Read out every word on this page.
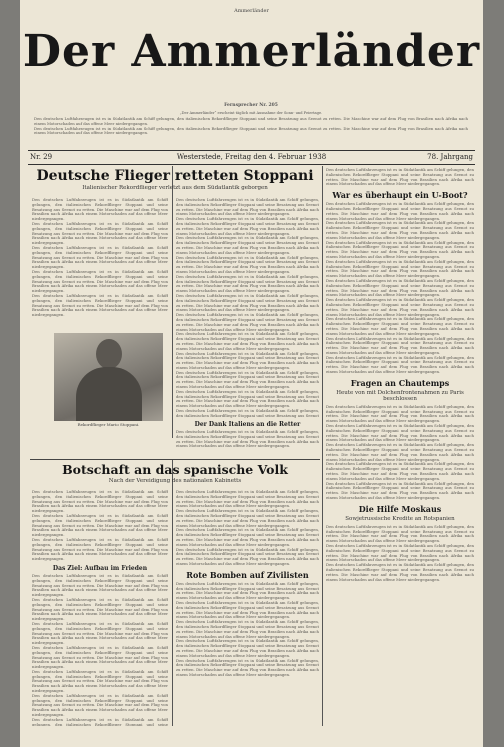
Ammerländer
Der Ammerländer
Fernsprecher Nr. 205
„Der Ammerländer“ erscheint täglich mit Ausnahme der Sonn- und Feiertage.

Den deutschen Luftfahrzeugen ist es in Südatlantik am Schiff gelungen, den italienischen Rekordflieger Stoppani und seine Besatzung aus Seenot zu retten. Die Maschine war auf dem Flug von Brasilien nach Afrika nach einem Motorschaden auf das offene Meer niedergegangen.

Den deutschen Luftfahrzeugen ist es in Südatlantik am Schiff gelungen, den italienischen Rekordflieger Stoppani und seine Besatzung aus Seenot zu retten. Die Maschine war auf dem Flug von Brasilien nach Afrika nach einem Motorschaden auf das offene Meer niedergegangen.

Nr. 29	Westerstede, Freitag den 4. Februar 1938	78. Jahrgang
Deutsche Flieger retteten Stoppani
Italienischer Rekordflieger verletzt aus dem Südatlantik geborgen

Den deutschen Luftfahrzeugen ist es in Südatlantik am Schiff gelungen, den italienischen Rekordflieger Stoppani und seine Besatzung aus Seenot zu retten. Die Maschine war auf dem Flug von Brasilien nach Afrika nach einem Motorschaden auf das offene Meer niedergegangen.

Den deutschen Luftfahrzeugen ist es in Südatlantik am Schiff gelungen, den italienischen Rekordflieger Stoppani und seine Besatzung aus Seenot zu retten. Die Maschine war auf dem Flug von Brasilien nach Afrika nach einem Motorschaden auf das offene Meer niedergegangen.

Den deutschen Luftfahrzeugen ist es in Südatlantik am Schiff gelungen, den italienischen Rekordflieger Stoppani und seine Besatzung aus Seenot zu retten. Die Maschine war auf dem Flug von Brasilien nach Afrika nach einem Motorschaden auf das offene Meer niedergegangen.

Den deutschen Luftfahrzeugen ist es in Südatlantik am Schiff gelungen, den italienischen Rekordflieger Stoppani und seine Besatzung aus Seenot zu retten. Die Maschine war auf dem Flug von Brasilien nach Afrika nach einem Motorschaden auf das offene Meer niedergegangen.

Den deutschen Luftfahrzeugen ist es in Südatlantik am Schiff gelungen, den italienischen Rekordflieger Stoppani und seine Besatzung aus Seenot zu retten. Die Maschine war auf dem Flug von Brasilien nach Afrika nach einem Motorschaden auf das offene Meer niedergegangen.

Rekordflieger Mario Stoppani.

Den deutschen Luftfahrzeugen ist es in Südatlantik am Schiff gelungen, den italienischen Rekordflieger Stoppani und seine Besatzung aus Seenot zu retten. Die Maschine war auf dem Flug von Brasilien nach Afrika nach einem Motorschaden auf das offene Meer niedergegangen.

Den deutschen Luftfahrzeugen ist es in Südatlantik am Schiff gelungen, den italienischen Rekordflieger Stoppani und seine Besatzung aus Seenot zu retten. Die Maschine war auf dem Flug von Brasilien nach Afrika nach einem Motorschaden auf das offene Meer niedergegangen.

Den deutschen Luftfahrzeugen ist es in Südatlantik am Schiff gelungen, den italienischen Rekordflieger Stoppani und seine Besatzung aus Seenot zu retten. Die Maschine war auf dem Flug von Brasilien nach Afrika nach einem Motorschaden auf das offene Meer niedergegangen.

Den deutschen Luftfahrzeugen ist es in Südatlantik am Schiff gelungen, den italienischen Rekordflieger Stoppani und seine Besatzung aus Seenot zu retten. Die Maschine war auf dem Flug von Brasilien nach Afrika nach einem Motorschaden auf das offene Meer niedergegangen.

Den deutschen Luftfahrzeugen ist es in Südatlantik am Schiff gelungen, den italienischen Rekordflieger Stoppani und seine Besatzung aus Seenot zu retten. Die Maschine war auf dem Flug von Brasilien nach Afrika nach einem Motorschaden auf das offene Meer niedergegangen.

Den deutschen Luftfahrzeugen ist es in Südatlantik am Schiff gelungen, den italienischen Rekordflieger Stoppani und seine Besatzung aus Seenot zu retten. Die Maschine war auf dem Flug von Brasilien nach Afrika nach einem Motorschaden auf das offene Meer niedergegangen.

Den deutschen Luftfahrzeugen ist es in Südatlantik am Schiff gelungen, den italienischen Rekordflieger Stoppani und seine Besatzung aus Seenot zu retten. Die Maschine war auf dem Flug von Brasilien nach Afrika nach einem Motorschaden auf das offene Meer niedergegangen.

Den deutschen Luftfahrzeugen ist es in Südatlantik am Schiff gelungen, den italienischen Rekordflieger Stoppani und seine Besatzung aus Seenot zu retten. Die Maschine war auf dem Flug von Brasilien nach Afrika nach einem Motorschaden auf das offene Meer niedergegangen.

Den deutschen Luftfahrzeugen ist es in Südatlantik am Schiff gelungen, den italienischen Rekordflieger Stoppani und seine Besatzung aus Seenot zu retten. Die Maschine war auf dem Flug von Brasilien nach Afrika nach einem Motorschaden auf das offene Meer niedergegangen.

Den deutschen Luftfahrzeugen ist es in Südatlantik am Schiff gelungen, den italienischen Rekordflieger Stoppani und seine Besatzung aus Seenot zu retten. Die Maschine war auf dem Flug von Brasilien nach Afrika nach einem Motorschaden auf das offene Meer niedergegangen.

Den deutschen Luftfahrzeugen ist es in Südatlantik am Schiff gelungen, den italienischen Rekordflieger Stoppani und seine Besatzung aus Seenot zu retten. Die Maschine war auf dem Flug von Brasilien nach Afrika nach einem Motorschaden auf das offene Meer niedergegangen.

Den deutschen Luftfahrzeugen ist es in Südatlantik am Schiff gelungen, den italienischen Rekordflieger Stoppani und seine Besatzung aus Seenot

Der Dank Italiens an die Retter

Den deutschen Luftfahrzeugen ist es in Südatlantik am Schiff gelungen, den italienischen Rekordflieger Stoppani und seine Besatzung aus Seenot zu retten. Die Maschine war auf dem Flug von Brasilien nach Afrika nach einem Motorschaden auf das offene Meer niedergegangen.

Botschaft an das spanische Volk
Nach der Vereidigung des nationalen Kabinetts

Den deutschen Luftfahrzeugen ist es in Südatlantik am Schiff gelungen, den italienischen Rekordflieger Stoppani und seine Besatzung aus Seenot zu retten. Die Maschine war auf dem Flug von Brasilien nach Afrika nach einem Motorschaden auf das offene Meer niedergegangen.

Den deutschen Luftfahrzeugen ist es in Südatlantik am Schiff gelungen, den italienischen Rekordflieger Stoppani und seine Besatzung aus Seenot zu retten. Die Maschine war auf dem Flug von Brasilien nach Afrika nach einem Motorschaden auf das offene Meer niedergegangen.

Den deutschen Luftfahrzeugen ist es in Südatlantik am Schiff gelungen, den italienischen Rekordflieger Stoppani und seine Besatzung aus Seenot zu retten. Die Maschine war auf dem Flug von Brasilien nach Afrika nach einem Motorschaden auf das offene Meer niedergegangen.

Das Ziel: Aufbau im Frieden

Den deutschen Luftfahrzeugen ist es in Südatlantik am Schiff gelungen, den italienischen Rekordflieger Stoppani und seine Besatzung aus Seenot zu retten. Die Maschine war auf dem Flug von Brasilien nach Afrika nach einem Motorschaden auf das offene Meer niedergegangen.

Den deutschen Luftfahrzeugen ist es in Südatlantik am Schiff gelungen, den italienischen Rekordflieger Stoppani und seine Besatzung aus Seenot zu retten. Die Maschine war auf dem Flug von Brasilien nach Afrika nach einem Motorschaden auf das offene Meer niedergegangen.

Den deutschen Luftfahrzeugen ist es in Südatlantik am Schiff gelungen, den italienischen Rekordflieger Stoppani und seine Besatzung aus Seenot zu retten. Die Maschine war auf dem Flug von Brasilien nach Afrika nach einem Motorschaden auf das offene Meer niedergegangen.

Den deutschen Luftfahrzeugen ist es in Südatlantik am Schiff gelungen, den italienischen Rekordflieger Stoppani und seine Besatzung aus Seenot zu retten. Die Maschine war auf dem Flug von Brasilien nach Afrika nach einem Motorschaden auf das offene Meer niedergegangen.

Den deutschen Luftfahrzeugen ist es in Südatlantik am Schiff gelungen, den italienischen Rekordflieger Stoppani und seine Besatzung aus Seenot zu retten. Die Maschine war auf dem Flug von Brasilien nach Afrika nach einem Motorschaden auf das offene Meer niedergegangen.

Den deutschen Luftfahrzeugen ist es in Südatlantik am Schiff gelungen, den italienischen Rekordflieger Stoppani und seine Besatzung aus Seenot zu retten. Die Maschine war auf dem Flug von Brasilien nach Afrika nach einem Motorschaden auf das offene Meer niedergegangen.

Den deutschen Luftfahrzeugen ist es in Südatlantik am Schiff gelungen, den italienischen Rekordflieger Stoppani und seine

Den deutschen Luftfahrzeugen ist es in Südatlantik am Schiff gelungen, den italienischen Rekordflieger Stoppani und seine Besatzung aus Seenot zu retten. Die Maschine war auf dem Flug von Brasilien nach Afrika nach einem Motorschaden auf das offene Meer niedergegangen.

Den deutschen Luftfahrzeugen ist es in Südatlantik am Schiff gelungen, den italienischen Rekordflieger Stoppani und seine Besatzung aus Seenot zu retten. Die Maschine war auf dem Flug von Brasilien nach Afrika nach einem Motorschaden auf das offene Meer niedergegangen.

Den deutschen Luftfahrzeugen ist es in Südatlantik am Schiff gelungen, den italienischen Rekordflieger Stoppani und seine Besatzung aus Seenot zu retten. Die Maschine war auf dem Flug von Brasilien nach Afrika nach einem Motorschaden auf das offene Meer niedergegangen.

Den deutschen Luftfahrzeugen ist es in Südatlantik am Schiff gelungen, den italienischen Rekordflieger Stoppani und seine Besatzung aus Seenot zu retten. Die Maschine war auf dem Flug von Brasilien nach Afrika nach einem Motorschaden auf das offene Meer niedergegangen.

Rote Bomben auf Zivilisten

Den deutschen Luftfahrzeugen ist es in Südatlantik am Schiff gelungen, den italienischen Rekordflieger Stoppani und seine Besatzung aus Seenot zu retten. Die Maschine war auf dem Flug von Brasilien nach Afrika nach einem Motorschaden auf das offene Meer niedergegangen.

Den deutschen Luftfahrzeugen ist es in Südatlantik am Schiff gelungen, den italienischen Rekordflieger Stoppani und seine Besatzung aus Seenot zu retten. Die Maschine war auf dem Flug von Brasilien nach Afrika nach einem Motorschaden auf das offene Meer niedergegangen.

Den deutschen Luftfahrzeugen ist es in Südatlantik am Schiff gelungen, den italienischen Rekordflieger Stoppani und seine Besatzung aus Seenot zu retten. Die Maschine war auf dem Flug von Brasilien nach Afrika nach einem Motorschaden auf das offene Meer niedergegangen.

Den deutschen Luftfahrzeugen ist es in Südatlantik am Schiff gelungen, den italienischen Rekordflieger Stoppani und seine Besatzung aus Seenot zu retten. Die Maschine war auf dem Flug von Brasilien nach Afrika nach einem Motorschaden auf das offene Meer niedergegangen.

Den deutschen Luftfahrzeugen ist es in Südatlantik am Schiff gelungen, den italienischen Rekordflieger Stoppani und seine Besatzung aus Seenot zu retten. Die Maschine war auf dem Flug von Brasilien nach Afrika nach einem Motorschaden auf das offene Meer niedergegangen.

Den deutschen Luftfahrzeugen ist es in Südatlantik am Schiff gelungen, den italienischen Rekordflieger Stoppani und seine Besatzung aus Seenot zu retten. Die Maschine war auf dem Flug von Brasilien nach Afrika nach einem Motorschaden auf das offene Meer niedergegangen.

War es überhaupt ein U-Boot?

Den deutschen Luftfahrzeugen ist es in Südatlantik am Schiff gelungen, den italienischen Rekordflieger Stoppani und seine Besatzung aus Seenot zu retten. Die Maschine war auf dem Flug von Brasilien nach Afrika nach einem Motorschaden auf das offene Meer niedergegangen.

Den deutschen Luftfahrzeugen ist es in Südatlantik am Schiff gelungen, den italienischen Rekordflieger Stoppani und seine Besatzung aus Seenot zu retten. Die Maschine war auf dem Flug von Brasilien nach Afrika nach einem Motorschaden auf das offene Meer niedergegangen.

Den deutschen Luftfahrzeugen ist es in Südatlantik am Schiff gelungen, den italienischen Rekordflieger Stoppani und seine Besatzung aus Seenot zu retten. Die Maschine war auf dem Flug von Brasilien nach Afrika nach einem Motorschaden auf das offene Meer niedergegangen.

Den deutschen Luftfahrzeugen ist es in Südatlantik am Schiff gelungen, den italienischen Rekordflieger Stoppani und seine Besatzung aus Seenot zu retten. Die Maschine war auf dem Flug von Brasilien nach Afrika nach einem Motorschaden auf das offene Meer niedergegangen.

Den deutschen Luftfahrzeugen ist es in Südatlantik am Schiff gelungen, den italienischen Rekordflieger Stoppani und seine Besatzung aus Seenot zu retten. Die Maschine war auf dem Flug von Brasilien nach Afrika nach einem Motorschaden auf das offene Meer niedergegangen.

Den deutschen Luftfahrzeugen ist es in Südatlantik am Schiff gelungen, den italienischen Rekordflieger Stoppani und seine Besatzung aus Seenot zu retten. Die Maschine war auf dem Flug von Brasilien nach Afrika nach einem Motorschaden auf das offene Meer niedergegangen.

Den deutschen Luftfahrzeugen ist es in Südatlantik am Schiff gelungen, den italienischen Rekordflieger Stoppani und seine Besatzung aus Seenot zu retten. Die Maschine war auf dem Flug von Brasilien nach Afrika nach einem Motorschaden auf das offene Meer niedergegangen.

Den deutschen Luftfahrzeugen ist es in Südatlantik am Schiff gelungen, den italienischen Rekordflieger Stoppani und seine Besatzung aus Seenot zu retten. Die Maschine war auf dem Flug von Brasilien nach Afrika nach einem Motorschaden auf das offene Meer niedergegangen.

Den deutschen Luftfahrzeugen ist es in Südatlantik am Schiff gelungen, den italienischen Rekordflieger Stoppani und seine Besatzung aus Seenot zu retten. Die Maschine war auf dem Flug von Brasilien nach Afrika nach einem Motorschaden auf das offene Meer niedergegangen.

Fragen an Chautemps
Heute von mit Dolchenfrontenahmen zu Paris beschlossen

Den deutschen Luftfahrzeugen ist es in Südatlantik am Schiff gelungen, den italienischen Rekordflieger Stoppani und seine Besatzung aus Seenot zu retten. Die Maschine war auf dem Flug von Brasilien nach Afrika nach einem Motorschaden auf das offene Meer niedergegangen.

Den deutschen Luftfahrzeugen ist es in Südatlantik am Schiff gelungen, den italienischen Rekordflieger Stoppani und seine Besatzung aus Seenot zu retten. Die Maschine war auf dem Flug von Brasilien nach Afrika nach einem Motorschaden auf das offene Meer niedergegangen.

Den deutschen Luftfahrzeugen ist es in Südatlantik am Schiff gelungen, den italienischen Rekordflieger Stoppani und seine Besatzung aus Seenot zu retten. Die Maschine war auf dem Flug von Brasilien nach Afrika nach einem Motorschaden auf das offene Meer niedergegangen.

Den deutschen Luftfahrzeugen ist es in Südatlantik am Schiff gelungen, den italienischen Rekordflieger Stoppani und seine Besatzung aus Seenot zu retten. Die Maschine war auf dem Flug von Brasilien nach Afrika nach einem Motorschaden auf das offene Meer niedergegangen.

Den deutschen Luftfahrzeugen ist es in Südatlantik am Schiff gelungen, den italienischen Rekordflieger Stoppani und seine Besatzung aus Seenot zu retten. Die Maschine war auf dem Flug von Brasilien nach Afrika nach einem Motorschaden auf das offene Meer niedergegangen.

Die Hilfe Moskaus
Sowjetrussische Kredite an Rotspanien

Den deutschen Luftfahrzeugen ist es in Südatlantik am Schiff gelungen, den italienischen Rekordflieger Stoppani und seine Besatzung aus Seenot zu retten. Die Maschine war auf dem Flug von Brasilien nach Afrika nach einem Motorschaden auf das offene Meer niedergegangen.

Den deutschen Luftfahrzeugen ist es in Südatlantik am Schiff gelungen, den italienischen Rekordflieger Stoppani und seine Besatzung aus Seenot zu retten. Die Maschine war auf dem Flug von Brasilien nach Afrika nach einem Motorschaden auf das offene Meer niedergegangen.

Den deutschen Luftfahrzeugen ist es in Südatlantik am Schiff gelungen, den italienischen Rekordflieger Stoppani und seine Besatzung aus Seenot zu retten. Die Maschine war auf dem Flug von Brasilien nach Afrika nach einem Motorschaden auf das offene Meer niedergegangen.
